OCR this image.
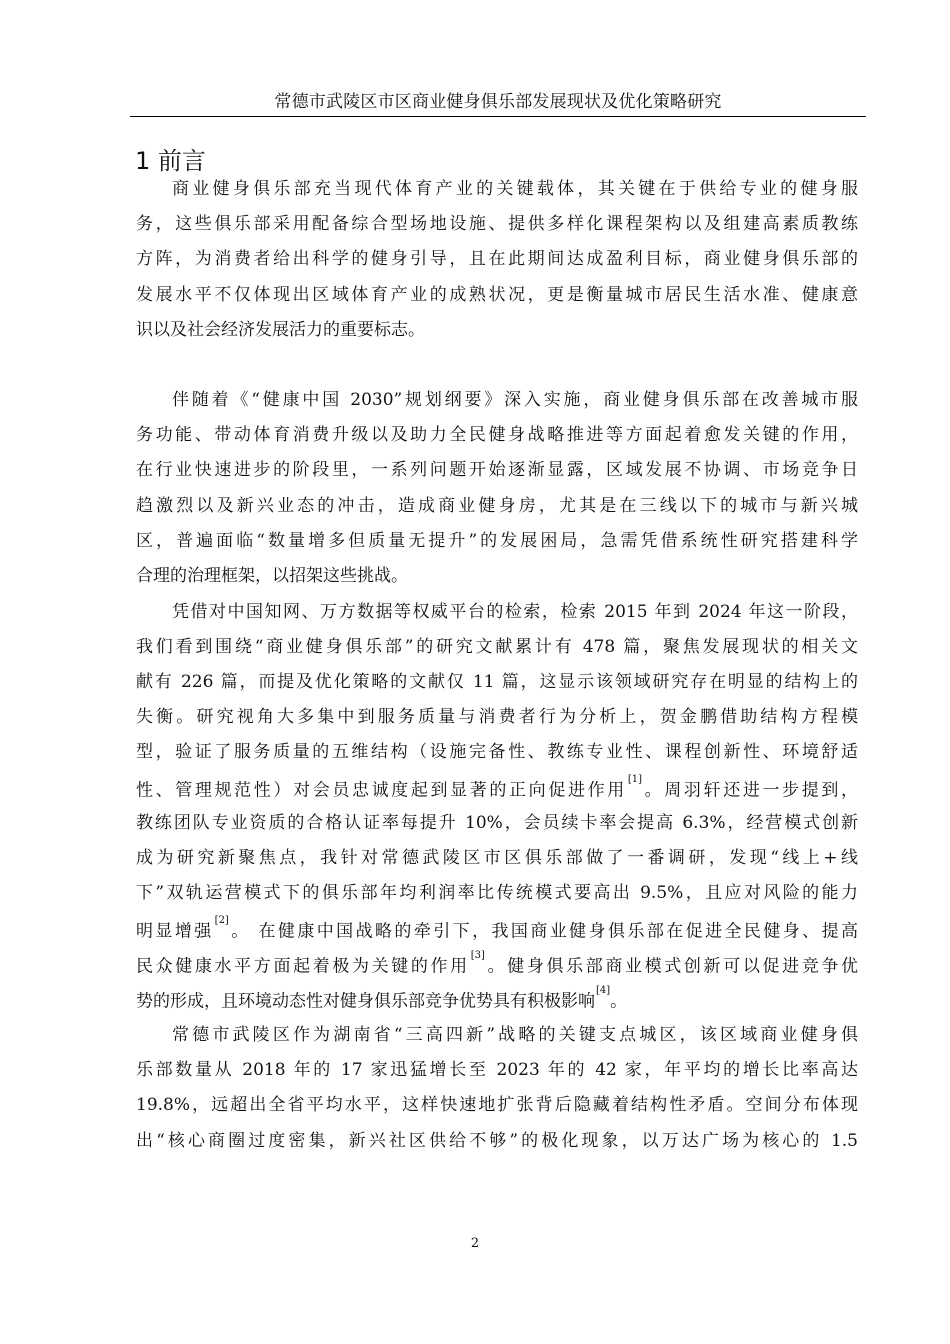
常德市武陵区市区商业健身俱乐部发展现状及优化策略研究
1 前言
商业健身俱乐部充当现代体育产业的关键载体，其关键在于供给专业的健身服
务，这些俱乐部采用配备综合型场地设施、提供多样化课程架构以及组建高素质教练
方阵，为消费者给出科学的健身引导，且在此期间达成盈利目标，商业健身俱乐部的
发展水平不仅体现出区域体育产业的成熟状况，更是衡量城市居民生活水准、健康意
识以及社会经济发展活力的重要标志。
伴随着《“健康中国 2030”规划纲要》深入实施，商业健身俱乐部在改善城市服
务功能、带动体育消费升级以及助力全民健身战略推进等方面起着愈发关键的作用，
在行业快速进步的阶段里，一系列问题开始逐渐显露，区域发展不协调、市场竞争日
趋激烈以及新兴业态的冲击，造成商业健身房，尤其是在三线以下的城市与新兴城
区，普遍面临“数量增多但质量无提升”的发展困局，急需凭借系统性研究搭建科学
合理的治理框架，以招架这些挑战。
凭借对中国知网、万方数据等权威平台的检索，检索 2015 年到 2024 年这一阶段，
我们看到围绕“商业健身俱乐部”的研究文献累计有 478 篇，聚焦发展现状的相关文
献有 226 篇，而提及优化策略的文献仅 11 篇，这显示该领域研究存在明显的结构上的
失衡。研究视角大多集中到服务质量与消费者行为分析上，贺金鹏借助结构方程模
型，验证了服务质量的五维结构（设施完备性、教练专业性、课程创新性、环境舒适
性、管理规范性）对会员忠诚度起到显著的正向促进作用[1]。周羽轩还进一步提到，
教练团队专业资质的合格认证率每提升 10%，会员续卡率会提高 6.3%，经营模式创新
成为研究新聚焦点，我针对常德武陵区市区俱乐部做了一番调研，发现“线上+线
下”双轨运营模式下的俱乐部年均利润率比传统模式要高出 9.5%，且应对风险的能力
明显增强[2]。 在健康中国战略的牵引下，我国商业健身俱乐部在促进全民健身、提高
民众健康水平方面起着极为关键的作用[3]。健身俱乐部商业模式创新可以促进竞争优
势的形成，且环境动态性对健身俱乐部竞争优势具有积极影响[4]。
常德市武陵区作为湖南省“三高四新”战略的关键支点城区，该区域商业健身俱
乐部数量从 2018 年的 17 家迅猛增长至 2023 年的 42 家，年平均的增长比率高达
19.8%，远超出全省平均水平，这样快速地扩张背后隐藏着结构性矛盾。空间分布体现
出“核心商圈过度密集，新兴社区供给不够”的极化现象，以万达广场为核心的 1.5
2
